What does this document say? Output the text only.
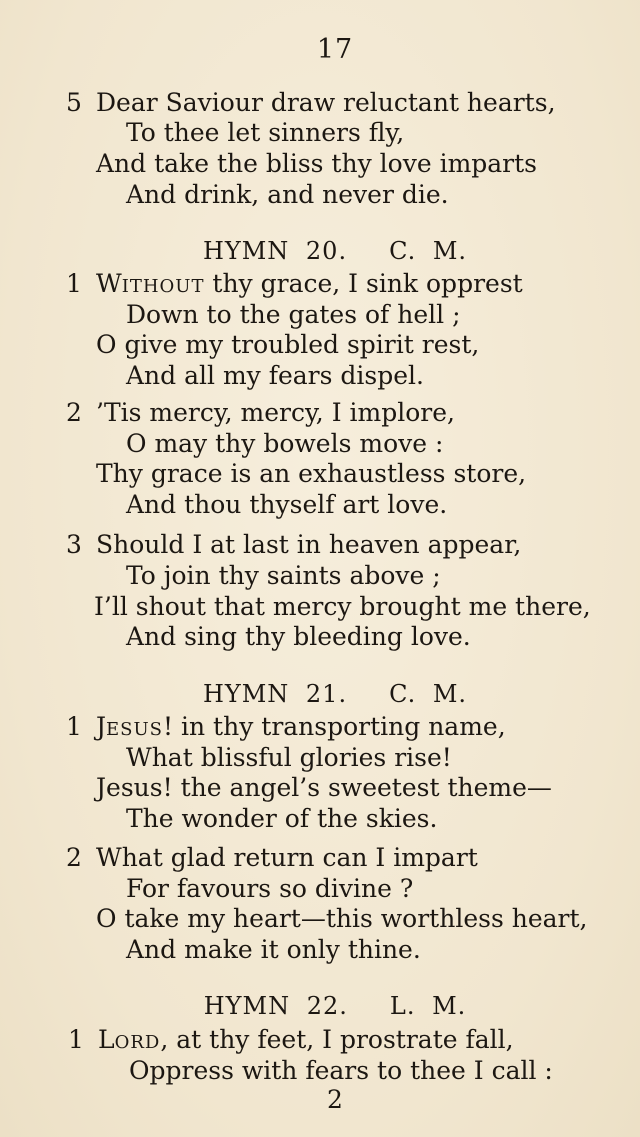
17
5 Dear Saviour draw reluctant hearts,
To thee let sinners fly,
And take the bliss thy love imparts
And drink, and never die.
HYMN 20. C. M.
1 WITHOUT thy grace, I sink opprest
Down to the gates of hell ;
O give my troubled spirit rest,
And all my fears dispel.
2 ’Tis mercy, mercy, I implore,
O may thy bowels move :
Thy grace is an exhaustless store,
And thou thyself art love.
3 Should I at last in heaven appear,
To join thy saints above ;
I’ll shout that mercy brought me there,
And sing thy bleeding love.
HYMN 21. C. M.
1 JESUS! in thy transporting name,
What blissful glories rise!
Jesus! the angel’s sweetest theme—
The wonder of the skies.
2 What glad return can I impart
For favours so divine ?
O take my heart—this worthless heart,
And make it only thine.
HYMN 22. L. M.
1 LORD, at thy feet, I prostrate fall,
Oppress with fears to thee I call :
2
